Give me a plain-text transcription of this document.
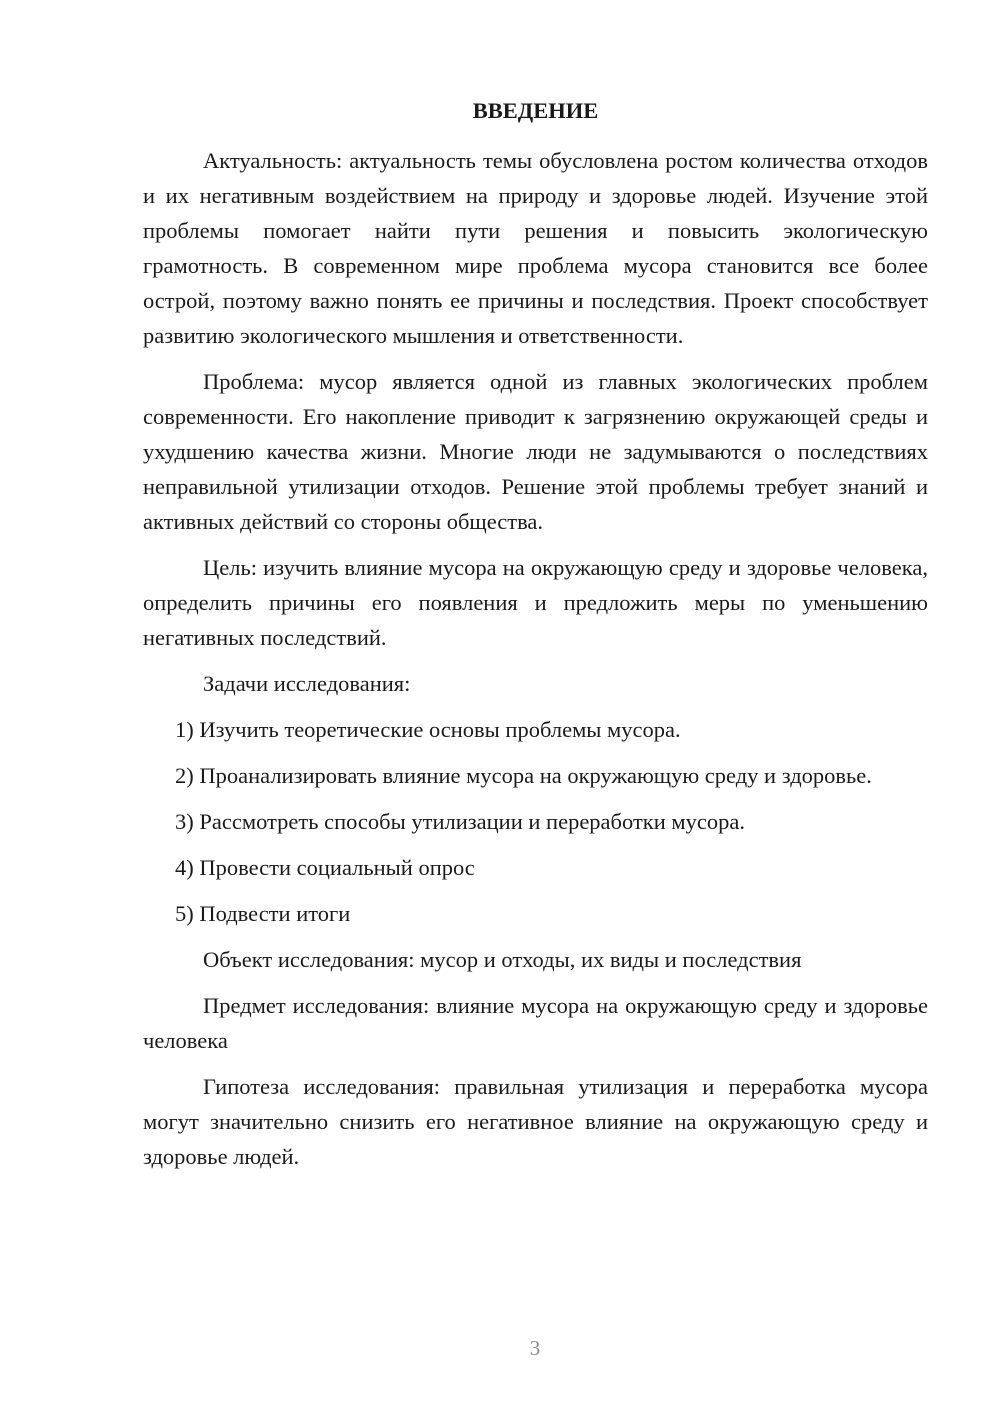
ВВЕДЕНИЕ

Актуальность: актуальность темы обусловлена ростом количества отходов и их негативным воздействием на природу и здоровье людей. Изучение этой проблемы помогает найти пути решения и повысить экологическую грамотность. В современном мире проблема мусора становится все более острой, поэтому важно понять ее причины и последствия. Проект способствует развитию экологического мышления и ответственности.

Проблема: мусор является одной из главных экологических проблем современности. Его накопление приводит к загрязнению окружающей среды и ухудшению качества жизни. Многие люди не задумываются о последствиях неправильной утилизации отходов. Решение этой проблемы требует знаний и активных действий со стороны общества.

Цель: изучить влияние мусора на окружающую среду и здоровье человека, определить причины его появления и предложить меры по уменьшению негативных последствий.

Задачи исследования:

1) Изучить теоретические основы проблемы мусора.

2) Проанализировать влияние мусора на окружающую среду и здоровье.

3) Рассмотреть способы утилизации и переработки мусора.

4) Провести социальный опрос

5) Подвести итоги

Объект исследования: мусор и отходы, их виды и последствия

Предмет исследования: влияние мусора на окружающую среду и здоровье человека

Гипотеза исследования: правильная утилизация и переработка мусора могут значительно снизить его негативное влияние на окружающую среду и здоровье людей.

3
